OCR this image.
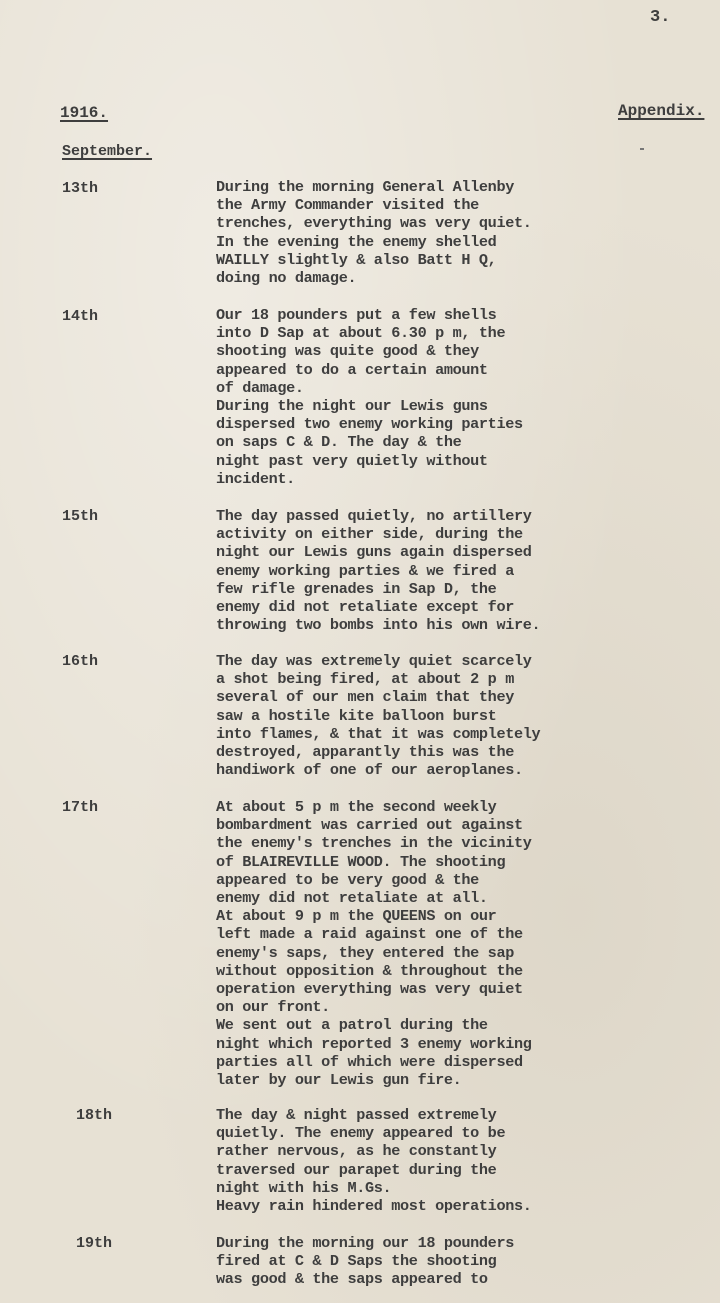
3.
1916.	Appendix.
September.
13th	During the morning General Allenby
the Army Commander visited the
trenches, everything was very quiet.
In the evening the enemy shelled
WAILLY slightly & also Batt H Q,
doing no damage.
14th	Our 18 pounders put a few shells
into D Sap at about 6.30 p m, the
shooting was quite good & they
appeared to do a certain amount
of damage.
During the night our Lewis guns
dispersed two enemy working parties
on saps C & D. The day & the
night past very quietly without
incident.
15th	The day passed quietly, no artillery
activity on either side, during the
night our Lewis guns again dispersed
enemy working parties & we fired a
few rifle grenades in Sap D, the
enemy did not retaliate except for
throwing two bombs into his own wire.
16th	The day was extremely quiet scarcely
a shot being fired, at about 2 p m
several of our men claim that they
saw a hostile kite balloon burst
into flames, & that it was completely
destroyed, apparantly this was the
handiwork of one of our aeroplanes.
17th	At about 5 p m the second weekly
bombardment was carried out against
the enemy's trenches in the vicinity
of BLAIREVILLE WOOD. The shooting
appeared to be very good & the
enemy did not retaliate at all.
At about 9 p m the QUEENS on our
left made a raid against one of the
enemy's saps, they entered the sap
without opposition & throughout the
operation everything was very quiet
on our front.
We sent out a patrol during the
night which reported 3 enemy working
parties all of which were dispersed
later by our Lewis gun fire.
18th	The day & night passed extremely
quietly. The enemy appeared to be
rather nervous, as he constantly
traversed our parapet during the
night with his M.Gs.
Heavy rain hindered most operations.
19th	During the morning our 18 pounders
fired at C & D Saps the shooting
was good & the saps appeared to
